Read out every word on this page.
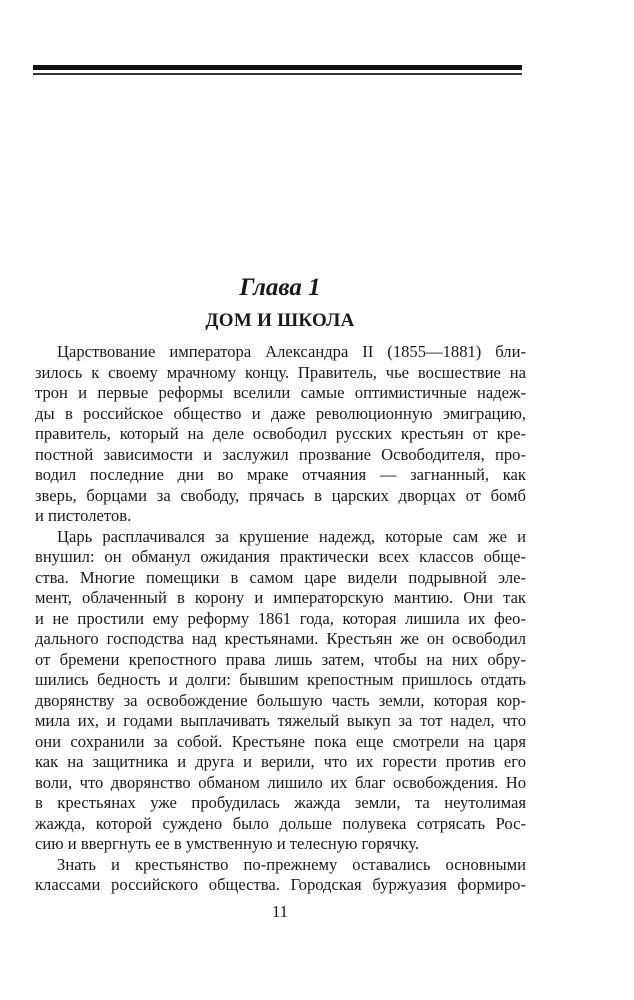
Глава 1
ДОМ И ШКОЛА
Царствование императора Александра II (1855—1881) бли-
зилось к своему мрачному концу. Правитель, чье восшествие на
трон и первые реформы вселили самые оптимистичные надеж-
ды в российское общество и даже революционную эмиграцию,
правитель, который на деле освободил русских крестьян от кре-
постной зависимости и заслужил прозвание Освободителя, про-
водил последние дни во мраке отчаяния — загнанный, как
зверь, борцами за свободу, прячась в царских дворцах от бомб
и пистолетов.
Царь расплачивался за крушение надежд, которые сам же и
внушил: он обманул ожидания практически всех классов обще-
ства. Многие помещики в самом царе видели подрывной эле-
мент, облаченный в корону и императорскую мантию. Они так
и не простили ему реформу 1861 года, которая лишила их фео-
дального господства над крестьянами. Крестьян же он освободил
от бремени крепостного права лишь затем, чтобы на них обру-
шились бедность и долги: бывшим крепостным пришлось отдать
дворянству за освобождение большую часть земли, которая кор-
мила их, и годами выплачивать тяжелый выкуп за тот надел, что
они сохранили за собой. Крестьяне пока еще смотрели на царя
как на защитника и друга и верили, что их горести против его
воли, что дворянство обманом лишило их благ освобождения. Но
в крестьянах уже пробудилась жажда земли, та неутолимая
жажда, которой суждено было дольше полувека сотрясать Рос-
сию и ввергнуть ее в умственную и телесную горячку.
Знать и крестьянство по-прежнему оставались основными
классами российского общества. Городская буржуазия формиро-
11
